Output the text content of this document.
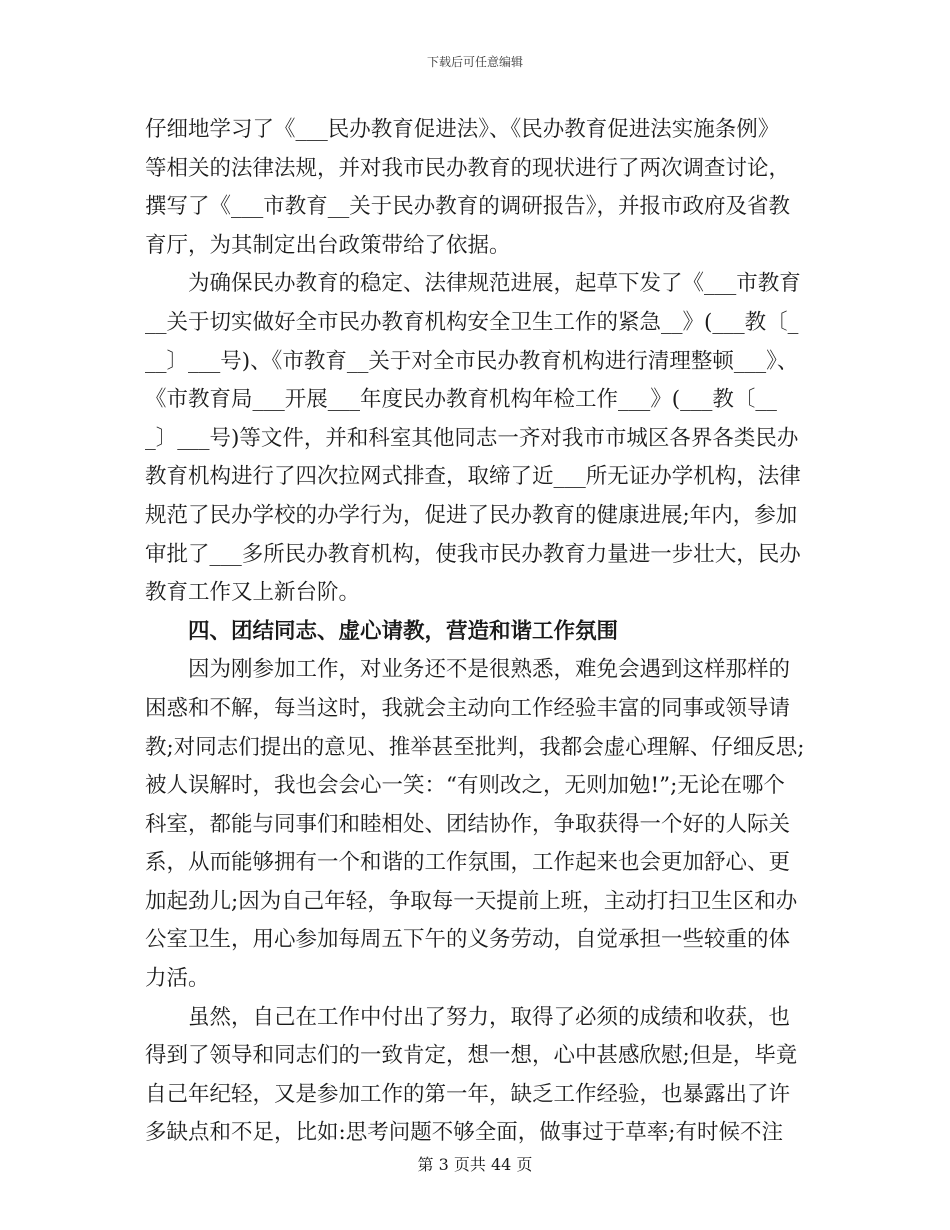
下载后可任意编辑
仔细地学习了《___民办教育促进法》、《民办教育促进法实施条例》
等相关的法律法规，并对我市民办教育的现状进行了两次调查讨论，
撰写了《___市教育__关于民办教育的调研报告》，并报市政府及省教
育厅，为其制定出台政策带给了依据。
为确保民办教育的稳定、法律规范进展，起草下发了《___市教育
__关于切实做好全市民办教育机构安全卫生工作的紧急__》(___教〔_
__〕___号)、《市教育__关于对全市民办教育机构进行清理整顿___》、
《市教育局___开展___年度民办教育机构年检工作___》(___教〔__
_〕___号)等文件，并和科室其他同志一齐对我市市城区各界各类民办
教育机构进行了四次拉网式排查，取缔了近___所无证办学机构，法律
规范了民办学校的办学行为，促进了民办教育的健康进展;年内，参加
审批了___多所民办教育机构，使我市民办教育力量进一步壮大，民办
教育工作又上新台阶。
四、团结同志、虚心请教，营造和谐工作氛围
因为刚参加工作，对业务还不是很熟悉，难免会遇到这样那样的
困惑和不解，每当这时，我就会主动向工作经验丰富的同事或领导请
教;对同志们提出的意见、推举甚至批判，我都会虚心理解、仔细反思;
被人误解时，我也会会心一笑：“有则改之，无则加勉!”;无论在哪个
科室，都能与同事们和睦相处、团结协作，争取获得一个好的人际关
系，从而能够拥有一个和谐的工作氛围，工作起来也会更加舒心、更
加起劲儿;因为自己年轻，争取每一天提前上班，主动打扫卫生区和办
公室卫生，用心参加每周五下午的义务劳动，自觉承担一些较重的体
力活。
虽然，自己在工作中付出了努力，取得了必须的成绩和收获，也
得到了领导和同志们的一致肯定，想一想，心中甚感欣慰;但是，毕竟
自己年纪轻，又是参加工作的第一年，缺乏工作经验，也暴露出了许
多缺点和不足，比如:思考问题不够全面，做事过于草率;有时候不注
第 3 页共 44 页
